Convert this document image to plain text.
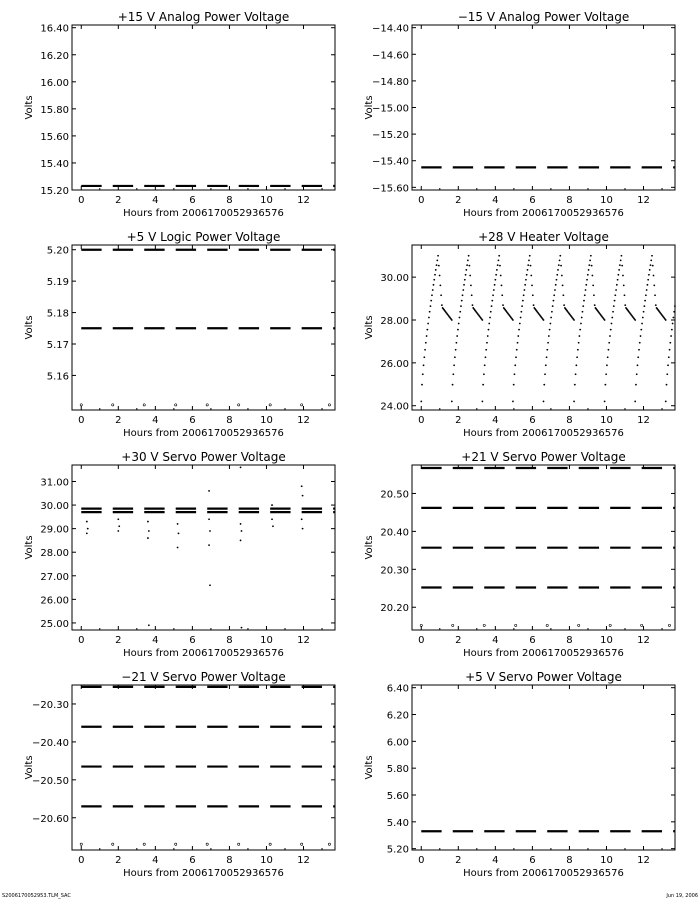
+15 V Analog Power Voltage
0	2	4	6	8	10 12
15.20
15.40
15.60
15.80
16.00
16.20
16.40
Hours from 2006170052936576
Volts
−15 V Analog Power Voltage
0	2	4	6	8	10 12
−15.60
−15.40
−15.20
−15.00
−14.80
−14.60
−14.40
Hours from 2006170052936576
Volts
+5 V Logic Power Voltage
0	2	4	6	8	10 12
5.16
5.17
5.18
5.19
5.20
Hours from 2006170052936576
Volts
+28 V Heater Voltage
0	2	4	6	8	10 12
24.00
26.00
28.00
30.00
Hours from 2006170052936576
Volts
+30 V Servo Power Voltage
0	2	4	6	8	10 12
25.00
26.00
27.00
28.00
29.00
30.00
31.00
Hours from 2006170052936576
Volts
+21 V Servo Power Voltage
0	2	4	6	8	10 12
20.20
20.30
20.40
20.50
Hours from 2006170052936576
Volts
−21 V Servo Power Voltage
0	2	4	6	8	10 12
−20.60
−20.50
−20.40
−20.30
Hours from 2006170052936576
Volts
+5 V Servo Power Voltage
0	2	4	6	8	10 12
5.20
5.40
5.60
5.80
6.00
6.20
6.40
Hours from 2006170052936576
Volts
S2006170052953.TLM_SAC	Jun 19, 2006
